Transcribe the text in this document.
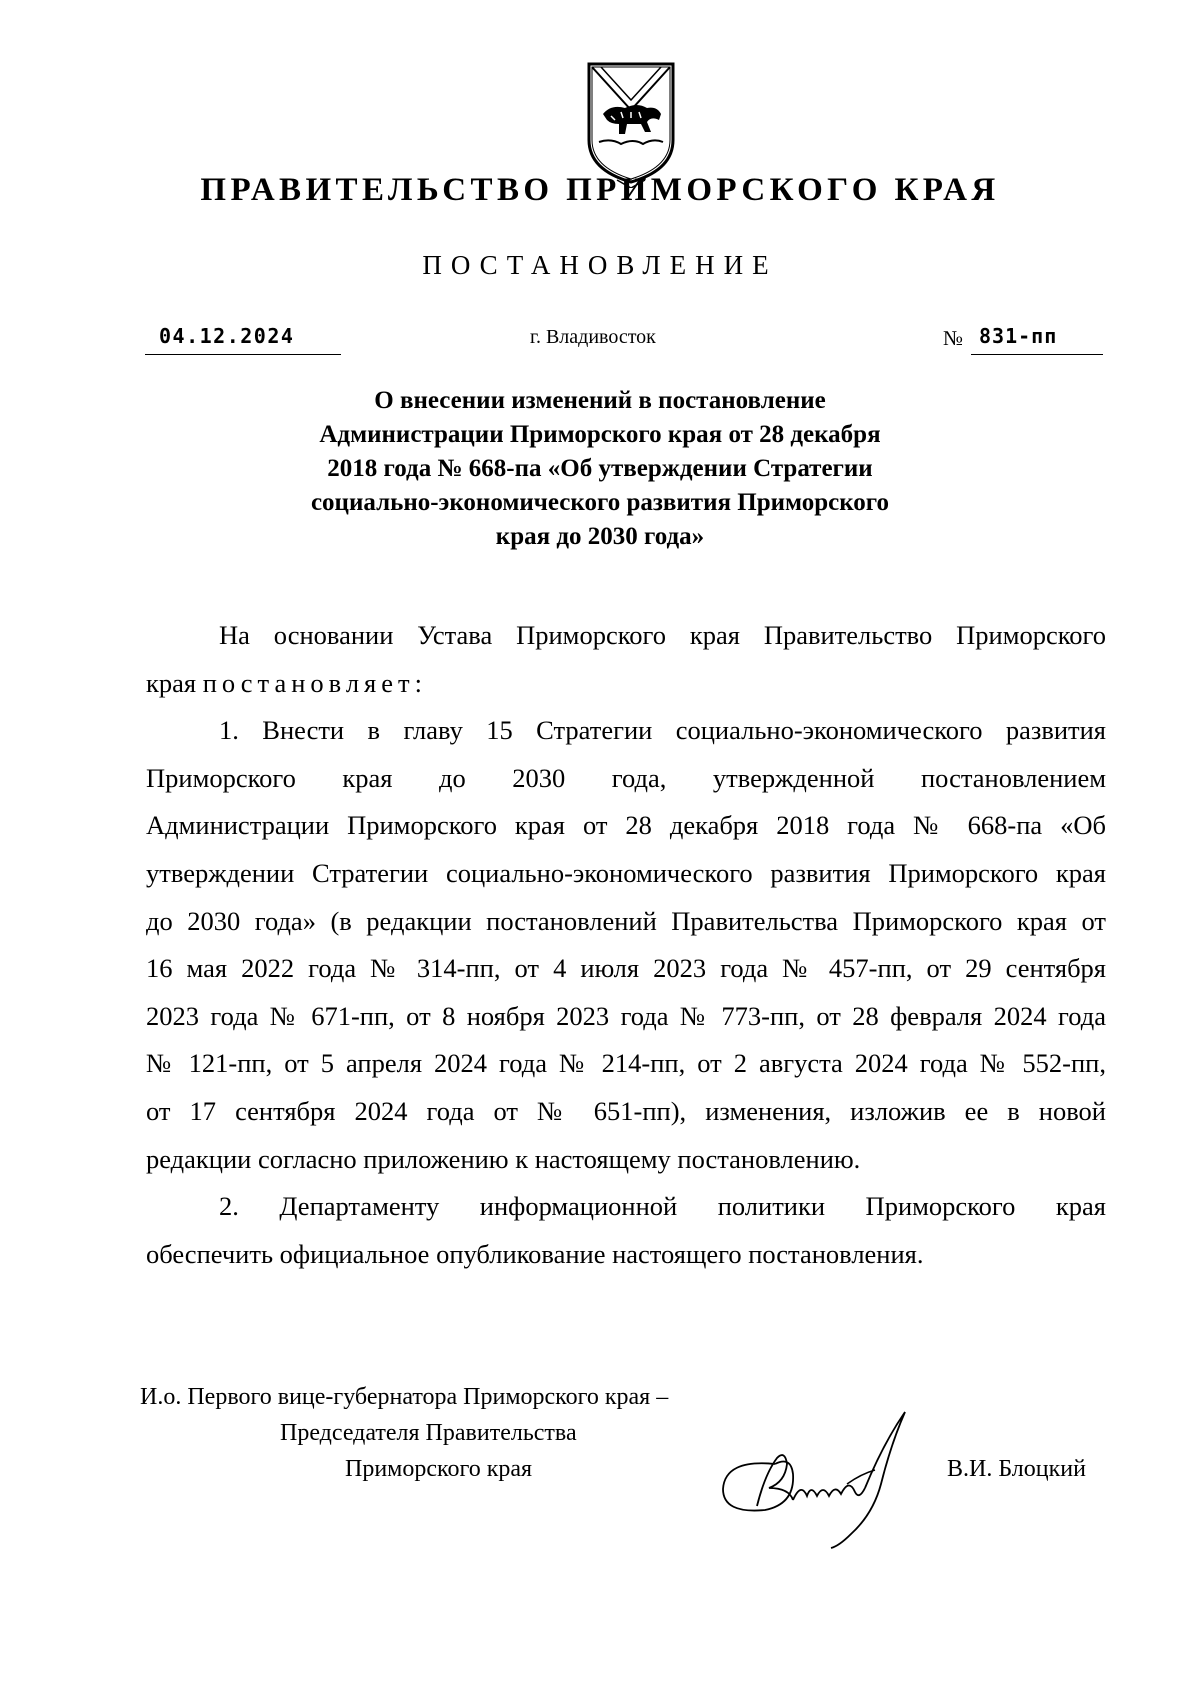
ПРАВИТЕЛЬСТВО ПРИМОРСКОГО КРАЯ
ПОСТАНОВЛЕНИЕ
04.12.2024	г. Владивосток	№ 831-пп
О внесении изменений в постановление
Администрации Приморского края от 28 декабря
2018 года № 668-па «Об утверждении Стратегии
социально-экономического развития Приморского
края до 2030 года»
На основании Устава Приморского края Правительство Приморского
края постановляет:
1. Внести в главу 15 Стратегии социально-экономического развития
Приморского края до 2030 года, утвержденной постановлением
Администрации Приморского края от 28 декабря 2018 года № 668-па «Об
утверждении Стратегии социально-экономического развития Приморского края
до 2030 года» (в редакции постановлений Правительства Приморского края от
16 мая 2022 года № 314-пп, от 4 июля 2023 года № 457-пп, от 29 сентября
2023 года № 671-пп, от 8 ноября 2023 года № 773-пп, от 28 февраля 2024 года
№ 121-пп, от 5 апреля 2024 года № 214-пп, от 2 августа 2024 года № 552-пп,
от 17 сентября 2024 года от № 651-пп), изменения, изложив ее в новой
редакции согласно приложению к настоящему постановлению.
2. Департаменту информационной политики Приморского края
обеспечить официальное опубликование настоящего постановления.
И.о. Первого вице-губернатора Приморского края –
Председателя Правительства
Приморского края	В.И. Блоцкий
